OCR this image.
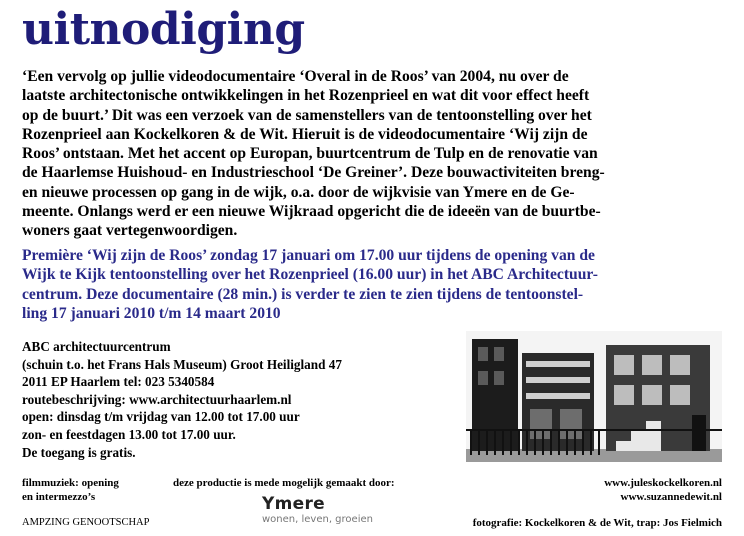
uitnodiging
‘Een vervolg op jullie videodocumentaire ‘Overal in de Roos’ van 2004, nu over de
laatste architectonische ontwikkelingen in het Rozenprieel en wat dit voor effect heeft
op de buurt.’ Dit was een verzoek van de samenstellers van de tentoonstelling over het
Rozenprieel aan Kockelkoren & de Wit. Hieruit is de videodocumentaire ‘Wij zijn de
Roos’ ontstaan. Met het accent op Europan, buurtcentrum de Tulp en de renovatie van
de Haarlemse Huishoud- en Industrieschool ‘De Greiner’. Deze bouwactiviteiten breng-
en nieuwe processen op gang in de wijk, o.a. door de wijkvisie van Ymere en de Ge-
meente. Onlangs werd er een nieuwe Wijkraad opgericht die de ideeën van de buurtbe-
woners gaat vertegenwoordigen.
Première ‘Wij zijn de Roos’ zondag 17 januari om 17.00 uur tijdens de opening van de
Wijk te Kijk tentoonstelling over het Rozenprieel (16.00 uur) in het ABC Architectuur-
centrum. Deze documentaire (28 min.) is verder te zien te zien tijdens de tentoonstel-
ling 17 januari 2010 t/m 14 maart 2010
ABC architectuurcentrum
(schuin t.o. het Frans Hals Museum) Groot Heiligland 47
2011 EP Haarlem tel: 023 5340584
routebeschrijving: www.architectuurhaarlem.nl
open: dinsdag t/m vrijdag van 12.00 tot 17.00 uur
zon- en feestdagen 13.00 tot 17.00 uur.
De toegang is gratis.
filmmuziek: opening
en intermezzo’s
deze productie is mede mogelijk gemaakt door:
Ymere
wonen, leven, groeien
www.juleskockelkoren.nl
www.suzannedewit.nl
AMPZING GENOOTSCHAP	fotografie: Kockelkoren & de Wit, trap: Jos Fielmich
